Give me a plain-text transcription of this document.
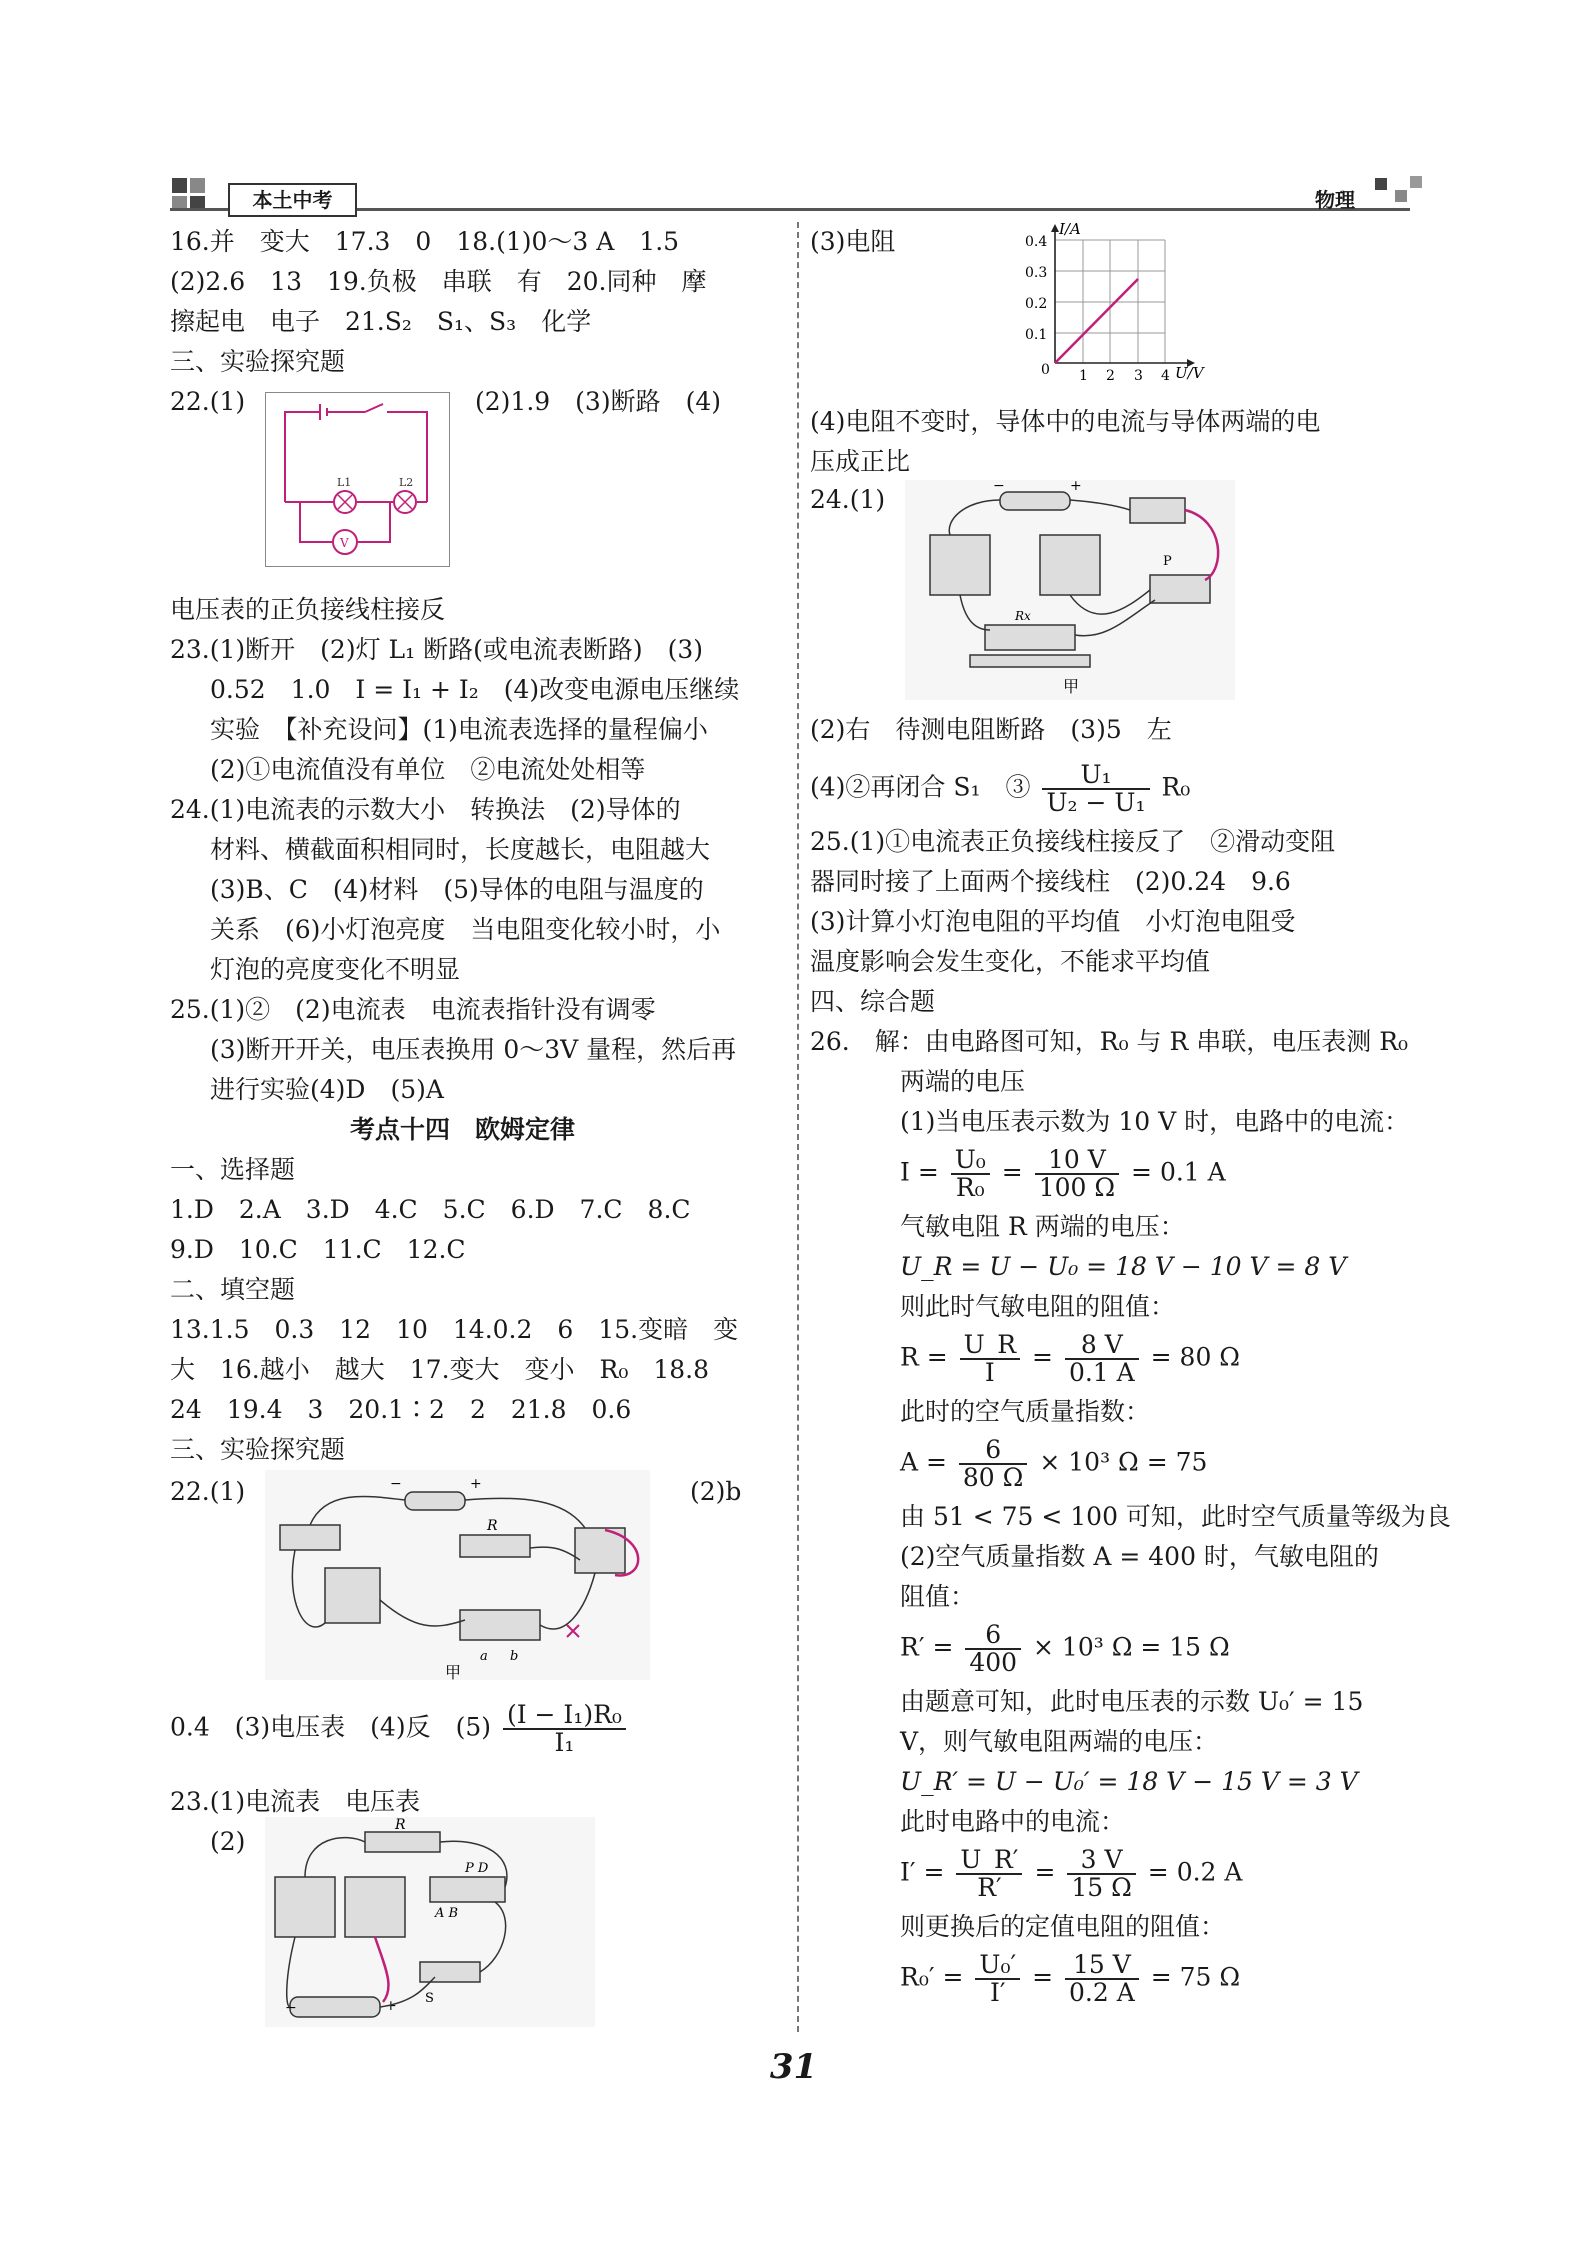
本土中考	物理
16.并　变大　17.3　0　18.(1)0～3 A　1.5
(2)2.6　13　19.负极　串联　有　20.同种　摩
擦起电　电子　21.S₂　S₁、S₃　化学
三、实验探究题
22.(1)	(2)1.9　(3)断路　(4)
L1	L2
V
电压表的正负接线柱接反
23.(1)断开　(2)灯 L₁ 断路(或电流表断路)　(3)
0.52　1.0　I = I₁ + I₂　(4)改变电源电压继续
实验　【补充设问】(1)电流表选择的量程偏小
(2)①电流值没有单位　②电流处处相等
24.(1)电流表的示数大小　转换法　(2)导体的
材料、横截面积相同时，长度越长，电阻越大
(3)B、C　(4)材料　(5)导体的电阻与温度的
关系　(6)小灯泡亮度　当电阻变化较小时，小
灯泡的亮度变化不明显
25.(1)②　(2)电流表　电流表指针没有调零
(3)断开开关，电压表换用 0～3V 量程，然后再
进行实验(4)D　(5)A
考点十四　欧姆定律
一、选择题
1.D　2.A　3.D　4.C　5.C　6.D　7.C　8.C
9.D　10.C　11.C　12.C
二、填空题
13.1.5　0.3　12　10　14.0.2　6　15.变暗　变
大　16.越小　越大　17.变大　变小　R₀　18.8
24　19.4　3　20.1∶2　2　21.8　0.6
三、实验探究题
22.(1)	(2)b
−	+
R
a b
甲
0.4　(3)电压表　(4)反　$(5) \frac{\text{(I − I₁)R₀}}{\text{I₁}}$
23.(1)电流表　电压表
(2)
R
A B
P D
−	+ S
(3)电阻	I/A
U/V
0.4
0.3
0.2
0.1
0 1 2 3 4
(4)电阻不变时，导体中的电流与导体两端的电
压成正比
24.(1)	−	+
P
Rx
甲
(2)右　待测电阻断路　(3)5　左
(4)②再闭合 S₁　③ $\frac{\text{U₁}}{\text{U₂ − U₁}} R_0$
25.(1)①电流表正负接线柱接反了　②滑动变阻
器同时接了上面两个接线柱　(2)0.24　9.6
(3)计算小灯泡电阻的平均值　小灯泡电阻受
温度影响会发生变化，不能求平均值
四、综合题
26.　解：由电路图可知，R₀ 与 R 串联，电压表测 R₀
两端的电压
(1)当电压表示数为 10 V 时，电路中的电流：
$I = \frac{\text{U₀}}{\text{R₀}} = \frac{10 V}{100 \Omega} = 0.1$ A
气敏电阻 R 两端的电压：
U_R = U − U₀ = 18 V − 10 V = 8 V
则此时气敏电阻的阻值：
$R = \frac{U\_R}{I} = \frac{8 V}{0.1 A} = 80$ Ω
此时的空气质量指数：
$A = \frac{6}{80 \Omega} \times 10^3$ Ω = 75
由 51 < 75 < 100 可知，此时空气质量等级为良
(2)空气质量指数 A = 400 时，气敏电阻的
阻值：
$R' = \frac{6}{400} \times 10^3$ Ω = 15 Ω
由题意可知，此时电压表的示数 U₀′ = 15
V，则气敏电阻两端的电压：
U_R′ = U − U₀′ = 18 V − 15 V = 3 V
此时电路中的电流：
$I' = \frac{U\_R'}{R'} = \frac{3 V}{15 \Omega} = 0.2$ A
则更换后的定值电阻的阻值：
$R_0' = \frac{\text{U₀′}}{I'} = \frac{15 V}{0.2 A} = 75$ Ω
31
